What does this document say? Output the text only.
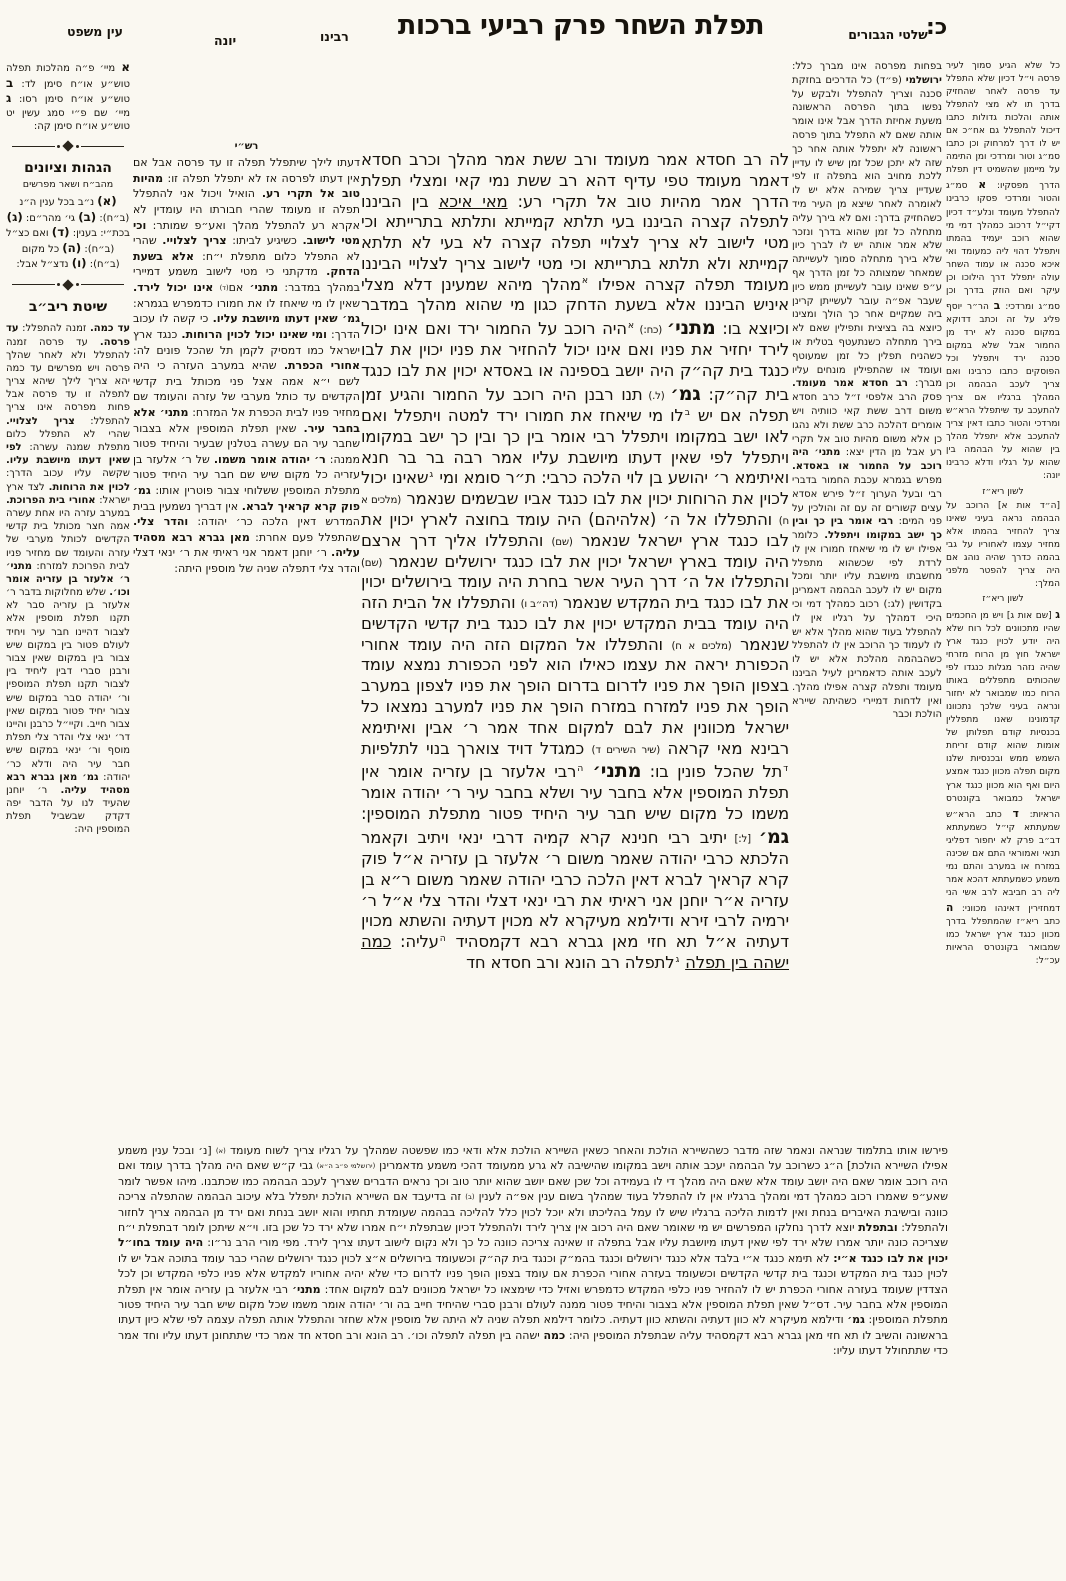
עין משפט
יונה	רבינו	תפלת השחר פרק רביעי ברכות	שלטי הגבורים
כ:
כל שלא הגיע סמוך לעיר פרסה וי״ל דכיון שלא התפלל עד פרסה לאחר שהחזיק בדרך תו לא מצי להתפלל אותה והלכות גדולות כתבו דיכול להתפלל גם אח״כ אם יש לו דרך למרחוק וכן כתבו סמ״ג וטור ומרדכי ומן התימה על מיימון שהשמיט דין תפלת הדרך מפסקיו: א סמ״ג והטור ומרדכי פסקו כרבינו להתפלל מעומד ונלע״ד דכיון דקי״ל דרכוב כמהלך דמי מי שהוא רוכב יעמיד בהמתו ויתפלל דהוי ליה כמעומד ואי איכא סכנה או עמוד השחר עולה יתפלל דרך הילוכו וכן עיקר ואם הוזק בדרך וכן סמ״ג ומרדכי: ב הר״ר יוסף פליג על זה וכתב דדוקא במקום סכנה לא ירד מן החמור אבל שלא במקום סכנה ירד ויתפלל וכל הפוסקים כתבו כרבינו ואם צריך לעכב הבהמה וכן המהלך ברגליו אם צריך להתעכב עד שיתפלל הרא״ש ומרדכי והטור כתבו דאין צריך להתעכב אלא יתפלל מהלך בין שהוא על הבהמה בין שהוא על רגליו ודלא כרבינו יונה:
לשון ריא״ז
[ה״ד אות א] הרוכב על הבהמה נראה בעיני שאינו צריך להחזיר בהמתו אלא מחזיר עצמו לאחוריו על גבי בהמה כדרך שהיה נוהג אם היה צריך להפטר מלפני המלך:
לשון ריא״ז
ג [שם אות ג] ויש מן החכמים שהיו מתכוונים לכל רוח שלא היה יודע לכוין כנגד ארץ ישראל חוץ מן הרוח מזרחי שהיה נזהר מגלות כנגדו לפי שהכותים מתפללים באותו הרוח כמו שמבואר לא יחזור ונראה בעיני שלכך נתכוונו קדמונינו שאנו מתפללין בכנסיות קודם תפלותן של אומות שהוא קודם זריחת השמש ממש ובכנסיות שלנו מקום תפלה מכוון כנגד אמצע היום ואף הוא מכוון כנגד ארץ ישראל כמבואר בקונטרס הראיות: ד כתב הרא״ש שמעתתא קי״ל כשמעתתא דב״ב פרק לא יחפור דפליגי תנאי ואמוראי התם אם שכינה במזרח או במערב והתם נמי משמע כשמעתתא דהכא אמר ליה רב חביבא לרב אשי הני דמחזירין דאינהו מכווני: ה כתב ריא״ז שהמתפלל בדרך מכוון כנגד ארץ ישראל כמו שמבואר בקונטרס הראיות עכ״ל:
בפחות מפרסה אינו מברך כלל: ירושלמי (פ״ד) כל הדרכים בחזקת סכנה וצריך להתפלל ולבקש על נפשו בתוך הפרסה הראשונה משעת אחיזת הדרך אבל אינו אומר אותה שאם לא התפלל בתוך פרסה ראשונה לא יתפלל אותה אחר כך שזה לא יתכן שכל זמן שיש לו עדיין ללכת מחויב הוא בתפלה זו לפי שעדיין צריך שמירה אלא יש לו לאומרה לאחר שיצא מן העיר מיד כשהחזיק בדרך: ואם לא בירך עליה מתחלה כל זמן שהוא בדרך ונזכר שלא אמר אותה יש לו לברך כיון שלא בירך מתחלה סמוך לעשייתה שמאחר שמצותה כל זמן הדרך אף ע״פ שאינו עובר לעשייתן ממש כיון שעבר אפ״ה עובר לעשייתן קרינן ביה שמקיים אחר כך הולך ומצינו כיוצא בה בציצית ותפילין שאם לא בירך מתחלה כשנתעטף בטלית או כשהניח תפלין כל זמן שמעוטף ועומד או שהתפילין מונחים עליו מברך: רב חסדא אמר מעומד. פסק הרב אלפסי ז״ל כרב חסדא משום דרב ששת קאי כוותיה ויש אומרים דהלכה כרב ששת ולא נהגו כן אלא משום מהיות טוב אל תקרי רע אבל מן הדין יצא: מתני׳ היה רוכב על החמור או באסדא. מפרש בגמרא עכבת החמור בדברי רבי ובעל הערוך ז״ל פירש אסדא עצים קשורים זה עם זה והולכין על פני המים: רבי אומר בין כך ובין כך ישב במקומו ויתפלל. כלומר אפילו יש לו מי שיאחז חמורו אין לו לרדת לפי שכשהוא מתפלל מחשבתו מיושבת עליו יותר ומכל מקום יש לו לעכב הבהמה דאמרינן בקדושין (לג:) רכוב כמהלך דמי וכי היכי דמהלך על רגליו אין לו להתפלל בעוד שהוא מהלך אלא יש לו לעמוד כך הרוכב אין לו להתפלל כשהבהמה מהלכת אלא יש לו לעכב אותה כדאמרינן לעיל הביננו מעומד ותפלה קצרה אפילו מהלך. ואין לדחות דמיירי כשהיתה שיירא הולכת וכבר
לה רב חסדא אמר מעומד ורב ששת אמר מהלך וכרב חסדא דאמר מעומד טפי עדיף דהא רב ששת נמי קאי ומצלי תפלת הדרך אמר מהיות טוב אל תקרי רע: מאי איכא בין הביננו לתפלה קצרה הביננו בעי תלתא קמייתא ותלתא בתרייתא וכי מטי לישוב לא צריך לצלויי תפלה קצרה לא בעי לא תלתא קמייתא ולא תלתא בתרייתא וכי מטי לישוב צריך לצלויי הביננו מעומד תפלה קצרה אפילו $^א$מהלך מיהא שמעינן דלא מצלי איניש הביננו אלא בשעת הדחק כגון מי שהוא מהלך במדבר וכיוצא בו: מתני׳ (כח:) $^א$היה רוכב על החמור ירד ואם אינו יכול לירד יחזיר את פניו ואם אינו יכול להחזיר את פניו יכוין את לבו כנגד בית קה״ק היה יושב בספינה או באסדא יכוין את לבו כנגד בית קה״ק: גמ׳ (ל.) תנו רבנן היה רוכב על החמור והגיע זמן תפלה אם יש $^ב$לו מי שיאחז את חמורו ירד למטה ויתפלל ואם לאו ישב במקומו ויתפלל רבי אומר בין כך ובין כך ישב במקומו ויתפלל לפי שאין דעתו מיושבת עליו אמר רבה בר בר חנא ואיתימא ר׳ יהושע בן לוי הלכה כרבי: ת״ר סומא ומי $^ג$שאינו יכול לכוין את הרוחות יכוין את לבו כנגד אביו שבשמים שנאמר (מלכים א ח) והתפללו אל ה׳ (אלהיהם) היה עומד בחוצה לארץ יכוין את לבו כנגד ארץ ישראל שנאמר (שם) והתפללו אליך דרך ארצם היה עומד בארץ ישראל יכוין את לבו כנגד ירושלים שנאמר (שם) והתפללו אל ה׳ דרך העיר אשר בחרת היה עומד בירושלים יכוין את לבו כנגד בית המקדש שנאמר (דה״ב ו) והתפללו אל הבית הזה היה עומד בבית המקדש יכוין את לבו כנגד בית קדשי הקדשים שנאמר (מלכים א ח) והתפללו אל המקום הזה היה עומד אחורי הכפורת יראה את עצמו כאילו הוא לפני הכפורת נמצא עומד בצפון הופך את פניו לדרום בדרום הופך את פניו לצפון במערב הופך את פניו למזרח במזרח הופך את פניו למערב נמצאו כל ישראל מכוונין את לבם למקום אחד אמר ר׳ אבין ואיתימא רבינא מאי קראה (שיר השירים ד) כמגדל דויד צוארך בנוי לתלפיות $^ד$תל שהכל פונין בו: מתני׳ $^ה$רבי אלעזר בן עזריה אומר אין תפלת המוספין אלא בחבר עיר ושלא בחבר עיר ר׳ יהודה אומר משמו כל מקום שיש חבר עיר היחיד פטור מתפלת המוספין: גמ׳ [ל:] יתיב רבי חנינא קרא קמיה דרבי ינאי ויתיב וקאמר הלכתא כרבי יהודה שאמר משום ר׳ אלעזר בן עזריה א״ל פוק קרא קראיך לברא דאין הלכה כרבי יהודה שאמר משום ר״א בן עזריה א״ר יוחנן אני ראיתי את רבי ינאי דצלי והדר צלי א״ל ר׳ ירמיה לרבי זירא ודילמא מעיקרא לא מכוין דעתיה והשתא מכוין דעתיה א״ל תא חזי מאן גברא רבא דקמסהיד $^ה$עליה: כמה ישהה בין תפלה $^ג$לתפלה רב הונא ורב חסדא חד
רש״י
דעתו לילך שיתפלל תפלה זו עד פרסה אבל אם אין דעתו לפרסה אז לא יתפלל תפלה זו: מהיות טוב אל תקרי רע. הואיל ויכול אני להתפלל תפלה זו מעומד שהרי חבורתו היו עומדין לא אקרא רע להתפלל מהלך ואע״פ שמותר: וכי מטי לישוב. כשיגיע לביתו: צריך לצלויי. שהרי לא התפלל כלום מתפלת י״ח: אלא בשעת הדחק. מדקתני כי מטי לישוב משמע דמיירי במהלך במדבר: מתני׳ אם(ד) אינו יכול לירד. שאין לו מי שיאחז לו את חמורו כדמפרש בגמרא: גמ׳ שאין דעתו מיושבת עליו. כי קשה לו עכוב הדרך: ומי שאינו יכול לכוין הרוחות. כנגד ארץ ישראל כמו דמסיק לקמן תל שהכל פונים לה: אחורי הכפרת. שהיא במערב העזרה כי היה לשם י״א אמה אצל פני מכותל בית קדשי הקדשים עד כותל מערבי של עזרה והעומד שם מחזיר פניו לבית הכפרת אל המזרח: מתני׳ אלא בחבר עיר. שאין תפלת המוספין אלא בצבור שחבר עיר הם עשרה בטלנין שבעיר והיחיד פטור ממנה: ר׳ יהודה אומר משמו. של ר׳ אלעזר בן עזריה כל מקום שיש שם חבר עיר היחיד פטור מתפלת המוספין ששלוחי צבור פוטרין אותו: גמ׳ פוק קרא קראיך לברא. אין דבריך נשמעין בבית המדרש דאין הלכה כר׳ יהודה: והדר צלי. שהתפלל פעם אחרת: מאן גברא רבא מסהיד עליה. ר׳ יוחנן דאמר אני ראיתי את ר׳ ינאי דצלי והדר צלי דתפלה שניה של מוספין היתה:
א מיי׳ פ״ה מהלכות תפלה טוש״ע או״ח סימן לד: ב טוש״ע או״ח סימן רסו: ג מיי׳ שם פ״י סמג עשין יט טוש״ע או״ח סימן קה:
הגהות וציונים
מהב״ח ושאר מפרשים
(א) נ״ב בכל ענין ה״נ (ב״ח): (ב) גי׳ מהר״ם: (ג) בכת״י: בענין: (ד) ואם כצ״ל (ב״ח): (ה) כל מקום (ב״ח): (ו) נדצ״ל אבל:
שיטת ריב״ב
עד כמה. זמנה להתפלל: עד פרסה. עד פרסה זמנה להתפלל ולא לאחר שהלך פרסה ויש מפרשים עד כמה יהא צריך לילך שיהא צריך לתפלה זו עד פרסה אבל פחות מפרסה אינו צריך להתפלל: צריך לצלויי. שהרי לא התפלל כלום מתפלת שמנה עשרה: לפי שאין דעתו מיושבת עליו. שקשה עליו עכוב הדרך: לכוין את הרוחות. לצד ארץ ישראל: אחורי בית הפרוכת. במערב עזרה היו אחת עשרה אמה חצר מכותל בית קדשי הקדשים לכותל מערבי של עזרה והעומד שם מחזיר פניו לבית הפרוכת למזרח: מתני׳ ר׳ אלעזר בן עזריה אומר וכו׳. שלש מחלוקות בדבר ר׳ אלעזר בן עזריה סבר לא תקנו תפלת מוספין אלא לצבור דהיינו חבר עיר ויחיד לעולם פטור בין במקום שיש צבור בין במקום שאין צבור ורבנן סברי דבין ליחיד בין לצבור תקנו תפלת המוספין ור׳ יהודה סבר במקום שיש צבור יחיד פטור במקום שאין צבור חייב. וקיי״ל כרבנן והיינו דר׳ ינאי צלי והדר צלי תפלת מוסף ור׳ ינאי במקום שיש חבר עיר היה ודלא כר׳ יהודה: גמ׳ מאן גברא רבא מסהיד עליה. ר׳ יוחנן שהעיד לנו על הדבר יפה דקדק שבשביל תפלת המוספין היה:
פירשו אותו בתלמוד שנראה ונאמר שזה מדבר כשהשיירא הולכת והאחר כשאין השיירא הולכת אלא ודאי כמו שפשטה שמהלך על רגליו צריך לשוח מעומד (א) [נ׳ ובכל ענין משמע אפילו השיירא הולכת] ה״ג כשרוכב על הבהמה יעכב אותה וישב במקומו שהישיבה לא גרע ממעומד דהכי משמע מדאמרינן (ירושלמי פ״ב ה״א) גבי ק״ש שאם היה מהלך בדרך עומד ואם היה רוכב אומר שאם היה יושב עומד אלא שאם היה מהלך די לו בעמידה וכל שכן שאם יושב שהוא יותר טוב וכך נראים הדברים שצריך לעכב הבהמה כמו שכתבנו. מיהו אפשר לומר שאע״פ שאמרו רכוב כמהלך דמי ומהלך ברגליו אין לו להתפלל בעוד שמהלך בשום ענין אפ״ה לענין (ב) זה בדיעבד אם השיירא הולכת יתפלל בלא עיכוב הבהמה שהתפלה צריכה כוונה ובישיבת האיברים בנחת ואין לדמות הליכה ברגליו שיש לו עמל בהליכתו ולא יוכל לכוין כלל להליכה בבהמה שעומדת תחתיו והוא יושב בנחת ואם ירד מן הבהמה צריך לחזור ולהתפלל: ובתפלת יוצא לדרך נחלקו המפרשים יש מי שאומר שאם היה רכוב אין צריך לירד ולהתפלל דכיון שבתפלת י״ח אמרו שלא ירד כל שכן בזו. וי״א שיתכן לומר דבתפלת י״ח שצריכה כונה יותר אמרו שלא ירד לפי שאין דעתו מיושבת עליו אבל בתפלה זו שאינה צריכה כוונה כל כך ולא נקום לישוב דעתו צריך לירד. מפי מורי הרב נר״ו: היה עומד בחו״ל יכוין את לבו כנגד א״י: לא תימא כנגד א״י בלבד אלא כנגד ירושלים וכנגד בהמ״ק וכנגד בית קה״ק וכשעומד בירושלים א״צ לכוין כנגד ירושלים שהרי כבר עומד בתוכה אבל יש לו לכוין כנגד בית המקדש וכנגד בית קדשי הקדשים וכשעומד בעזרה אחורי הכפרת אם עומד בצפון הופך פניו לדרום כדי שלא יהיה אחוריו למקדש אלא פניו כלפי המקדש וכן לכל הצדדין שעומד בעזרה אחורי הכפרת יש לו להחזיר פניו כלפי המקדש כדמפרש ואזיל כדי שימצאו כל ישראל מכוונים לבם למקום אחד: מתני׳ רבי אלעזר בן עזריה אומר אין תפלת המוספין אלא בחבר עיר. דס״ל שאין תפלת המוספין אלא בצבור והיחיד פטור ממנה לעולם ורבנן סברי שהיחיד חייב בה ור׳ יהודה אומר משמו שכל מקום שיש חבר עיר היחיד פטור מתפלת המוספין: גמ׳ ודילמא מעיקרא לא כוון דעתיה והשתא כוון דעתיה. כלומר דילמא תפלה שניה לא היתה של מוספין אלא שחזר והתפלל אותה תפלה עצמה לפי שלא כיון דעתו בראשונה והשיב לו תא חזי מאן גברא רבא דקמסהיד עליה שבתפלת המוספין היה: כמה ישהה בין תפלה לתפלה וכו׳. רב הונא ורב חסדא חד אמר כדי שתתחונן דעתו עליו וחד אמר כדי שתתחולל דעתו עליו:
